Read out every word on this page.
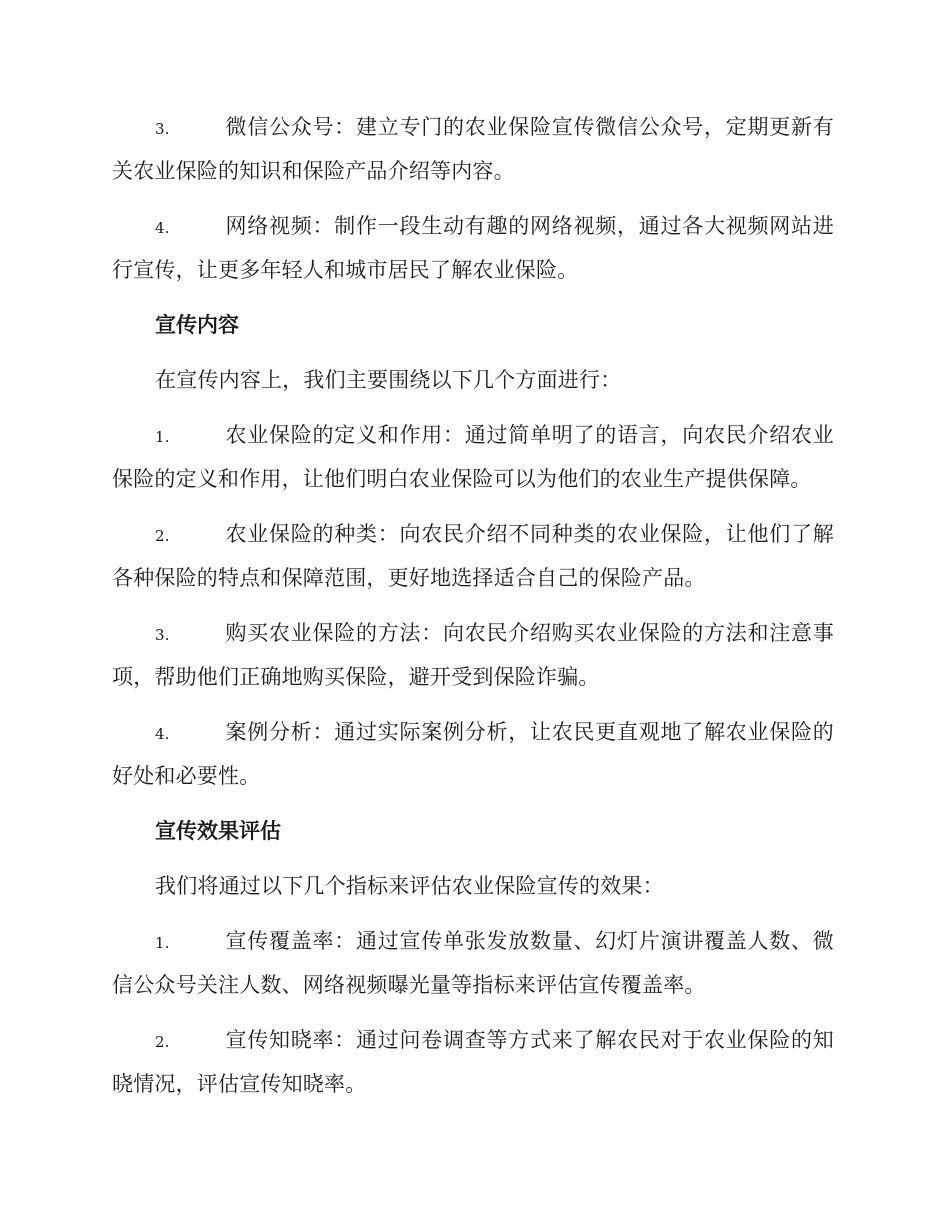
3.	微信公众号：建立专门的农业保险宣传微信公众号，定期更新有关农业保险的知识和保险产品介绍等内容。

4.	网络视频：制作一段生动有趣的网络视频，通过各大视频网站进行宣传，让更多年轻人和城市居民了解农业保险。

宣传内容

在宣传内容上，我们主要围绕以下几个方面进行：

1.	农业保险的定义和作用：通过简单明了的语言，向农民介绍农业保险的定义和作用，让他们明白农业保险可以为他们的农业生产提供保障。

2.	农业保险的种类：向农民介绍不同种类的农业保险，让他们了解各种保险的特点和保障范围，更好地选择适合自己的保险产品。

3.	购买农业保险的方法：向农民介绍购买农业保险的方法和注意事项，帮助他们正确地购买保险，避开受到保险诈骗。

4.	案例分析：通过实际案例分析，让农民更直观地了解农业保险的好处和必要性。

宣传效果评估

我们将通过以下几个指标来评估农业保险宣传的效果：

1.	宣传覆盖率：通过宣传单张发放数量、幻灯片演讲覆盖人数、微信公众号关注人数、网络视频曝光量等指标来评估宣传覆盖率。

2.	宣传知晓率：通过问卷调查等方式来了解农民对于农业保险的知晓情况，评估宣传知晓率。
